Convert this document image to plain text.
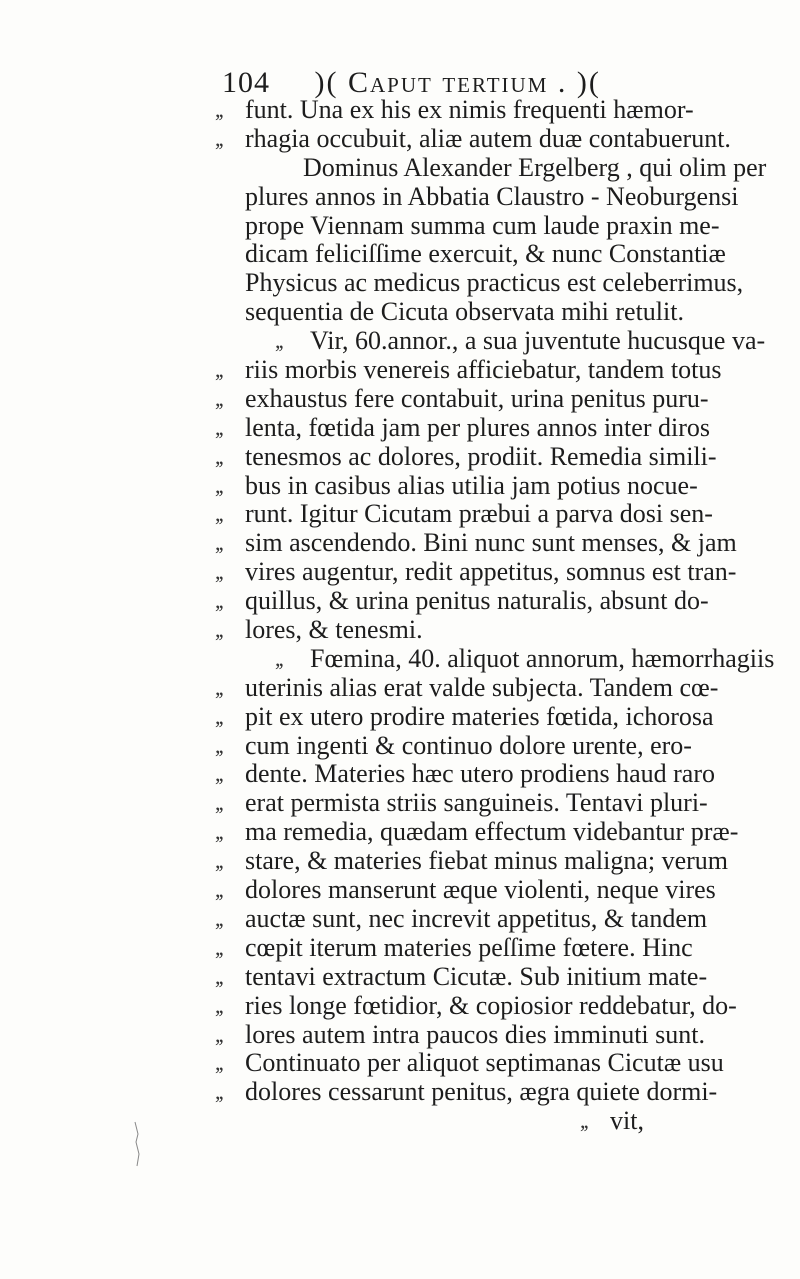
104 )( Caput tertium . )(
,, funt. Una ex his ex nimis frequenti hæmor-
,, rhagia occubuit, aliæ autem duæ contabuerunt.
Dominus Alexander Ergelberg , qui olim per
plures annos in Abbatia Claustro - Neoburgensi
prope Viennam summa cum laude praxin me-
dicam feliciſſime exercuit, & nunc Constantiæ
Physicus ac medicus practicus est celeberrimus,
sequentia de Cicuta observata mihi retulit.
,,	Vir, 60.annor., a sua juventute hucusque va-
,, riis morbis venereis afficiebatur, tandem totus
,, exhaustus fere contabuit, urina penitus puru-
,, lenta, fœtida jam per plures annos inter diros
,, tenesmos ac dolores, prodiit. Remedia simili-
,, bus in casibus alias utilia jam potius nocue-
,, runt. Igitur Cicutam præbui a parva dosi sen-
,, sim ascendendo. Bini nunc sunt menses, & jam
,, vires augentur, redit appetitus, somnus est tran-
,, quillus, & urina penitus naturalis, absunt do-
,, lores, & tenesmi.
,,	Fœmina, 40. aliquot annorum, hæmorrhagiis
,, uterinis alias erat valde subjecta. Tandem cœ-
,, pit ex utero prodire materies fœtida, ichorosa
,, cum ingenti & continuo dolore urente, ero-
,, dente. Materies hæc utero prodiens haud raro
,, erat permista striis sanguineis. Tentavi pluri-
,, ma remedia, quædam effectum videbantur præ-
,, stare, & materies fiebat minus maligna; verum
,, dolores manserunt æque violenti, neque vires
,, auctæ sunt, nec increvit appetitus, & tandem
,, cœpit iterum materies peſſime fœtere. Hinc
,, tentavi extractum Cicutæ. Sub initium mate-
,, ries longe fœtidior, & copiosior reddebatur, do-
,, lores autem intra paucos dies imminuti sunt.
,, Continuato per aliquot septimanas Cicutæ usu
,, dolores cessarunt penitus, ægra quiete dormi-
,, vit,
